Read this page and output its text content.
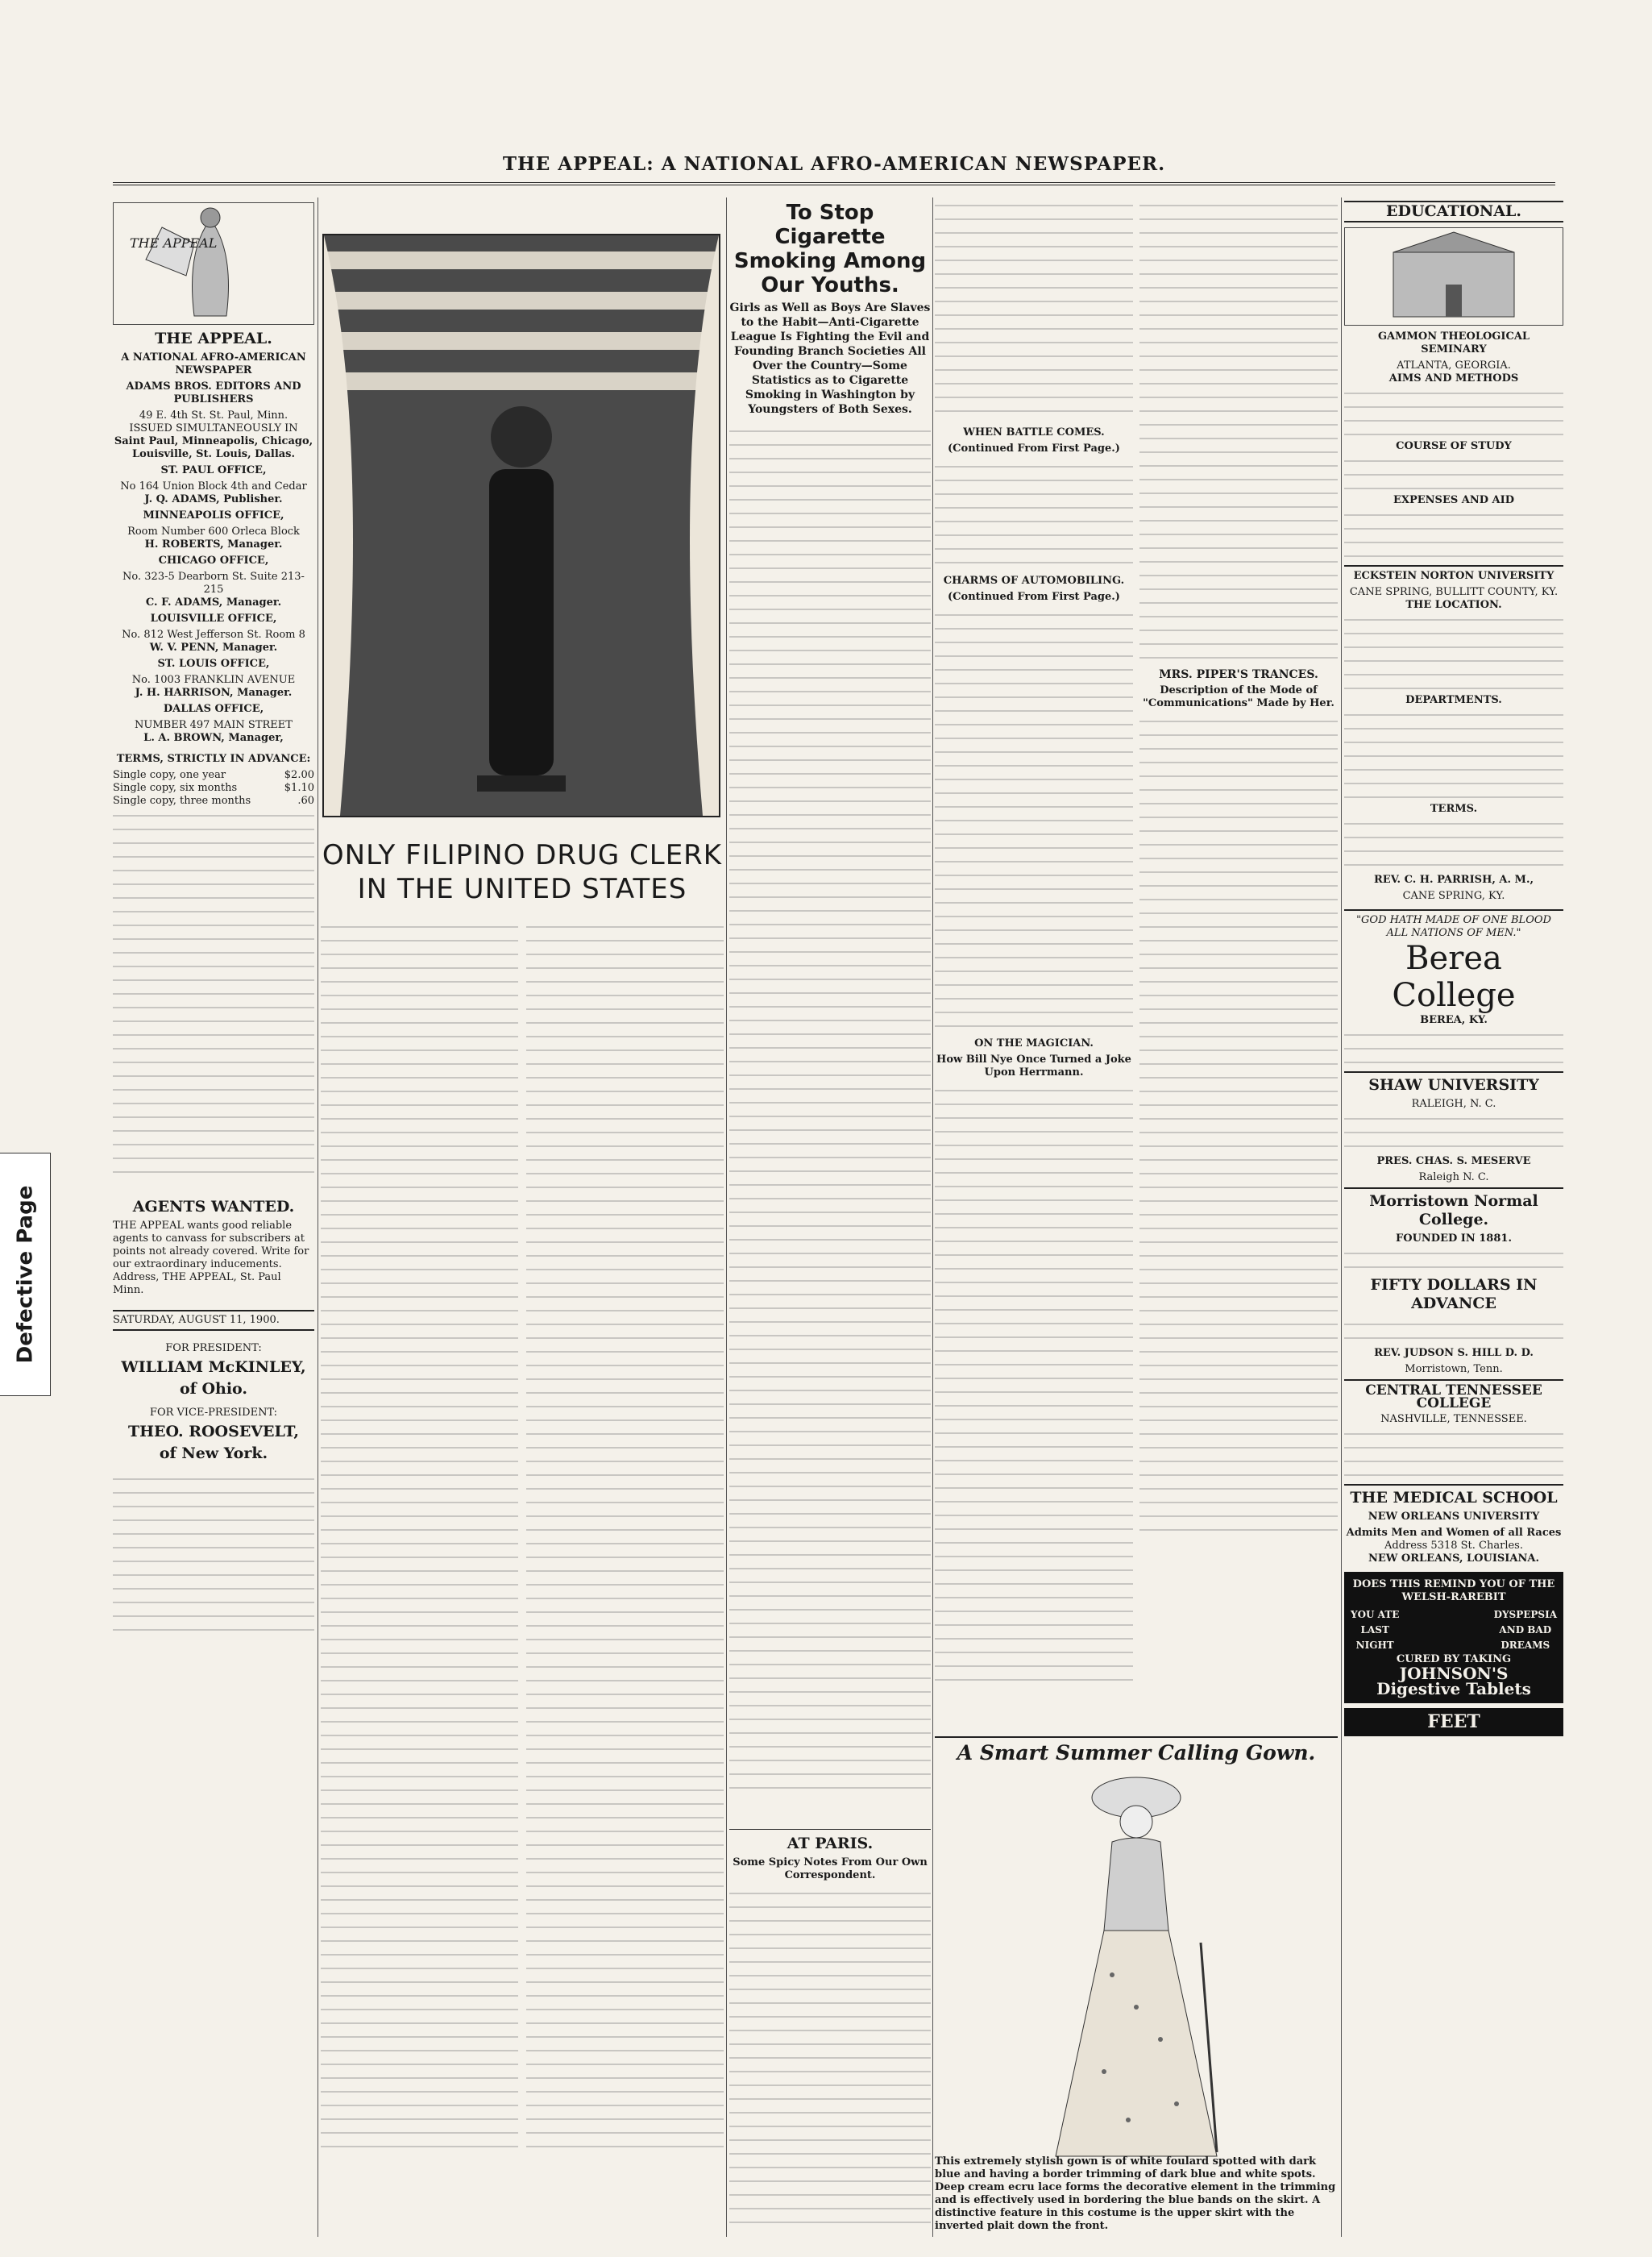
THE APPEAL: A NATIONAL AFRO-AMERICAN NEWSPAPER.
Defective Page
THE APPEAL
THE APPEAL.
A NATIONAL AFRO-AMERICAN NEWSPAPER
ADAMS BROS. EDITORS AND PUBLISHERS
49 E. 4th St. St. Paul, Minn.
ISSUED SIMULTANEOUSLY IN
Saint Paul, Minneapolis, Chicago, Louisville, St. Louis, Dallas.
ST. PAUL OFFICE,
No 164 Union Block 4th and Cedar
J. Q. ADAMS, Publisher.
MINNEAPOLIS OFFICE,
Room Number 600 Orleca Block
H. ROBERTS, Manager.
CHICAGO OFFICE,
No. 323-5 Dearborn St. Suite 213-215
C. F. ADAMS, Manager.
LOUISVILLE OFFICE,
No. 812 West Jefferson St. Room 8
W. V. PENN, Manager.
ST. LOUIS OFFICE,
No. 1003 FRANKLIN AVENUE
J. H. HARRISON, Manager.
DALLAS OFFICE,
NUMBER 497 MAIN STREET
L. A. BROWN, Manager,
TERMS, STRICTLY IN ADVANCE:
Single copy, one year	$2.00
Single copy, six months	$1.10
Single copy, three months	.60
AGENTS WANTED.

THE APPEAL wants good reliable agents to canvass for subscribers at points not already covered. Write for our extraordinary inducements. Address, THE APPEAL, St. Paul Minn.

SATURDAY, AUGUST 11, 1900.
FOR PRESIDENT:
WILLIAM McKINLEY,
of Ohio.
FOR VICE-PRESIDENT:
THEO. ROOSEVELT,
of New York.
ONLY FILIPINO DRUG CLERK IN THE UNITED STATES
To Stop Cigarette Smoking Among Our Youths.
Girls as Well as Boys Are Slaves to the Habit—Anti-Cigarette League Is Fighting the Evil and Founding Branch Societies All Over the Country—Some Statistics as to Cigarette Smoking in Washington by Youngsters of Both Sexes.
AT PARIS.
Some Spicy Notes From Our Own Correspondent.
WHEN BATTLE COMES.
(Continued From First Page.)
CHARMS OF AUTOMOBILING.
(Continued From First Page.)
ON THE MAGICIAN.
How Bill Nye Once Turned a Joke Upon Herrmann.
MRS. PIPER'S TRANCES.
Description of the Mode of "Communications" Made by Her.
A Smart Summer Calling Gown.
This extremely stylish gown is of white foulard spotted with dark blue and having a border trimming of dark blue and white spots. Deep cream ecru lace forms the decorative element in the trimming and is effectively used in bordering the blue bands on the skirt. A distinctive feature in this costume is the upper skirt with the inverted plait down the front.
EDUCATIONAL.
GAMMON THEOLOGICAL SEMINARY
ATLANTA, GEORGIA.
AIMS AND METHODS
COURSE OF STUDY
EXPENSES AND AID
ECKSTEIN NORTON UNIVERSITY
CANE SPRING, BULLITT COUNTY, KY.
THE LOCATION.
DEPARTMENTS.
TERMS.
REV. C. H. PARRISH, A. M.,
CANE SPRING, KY.
"GOD HATH MADE OF ONE BLOOD ALL NATIONS OF MEN."
Berea College
BEREA, KY.
SHAW UNIVERSITY
RALEIGH, N. C.
PRES. CHAS. S. MESERVE
Raleigh N. C.
Morristown Normal College.
FOUNDED IN 1881.
FIFTY DOLLARS IN ADVANCE
REV. JUDSON S. HILL D. D.
Morristown, Tenn.
CENTRAL TENNESSEE COLLEGE
NASHVILLE, TENNESSEE.
THE MEDICAL SCHOOL
NEW ORLEANS UNIVERSITY
Admits Men and Women of all Races
Address 5318 St. Charles.
NEW ORLEANS, LOUISIANA.
DOES THIS REMIND YOU OF THE WELSH-RAREBIT
YOU ATE
LAST
NIGHT
DYSPEPSIA
AND BAD
DREAMS
CURED BY TAKING
JOHNSON'S
Digestive Tablets
FEET
